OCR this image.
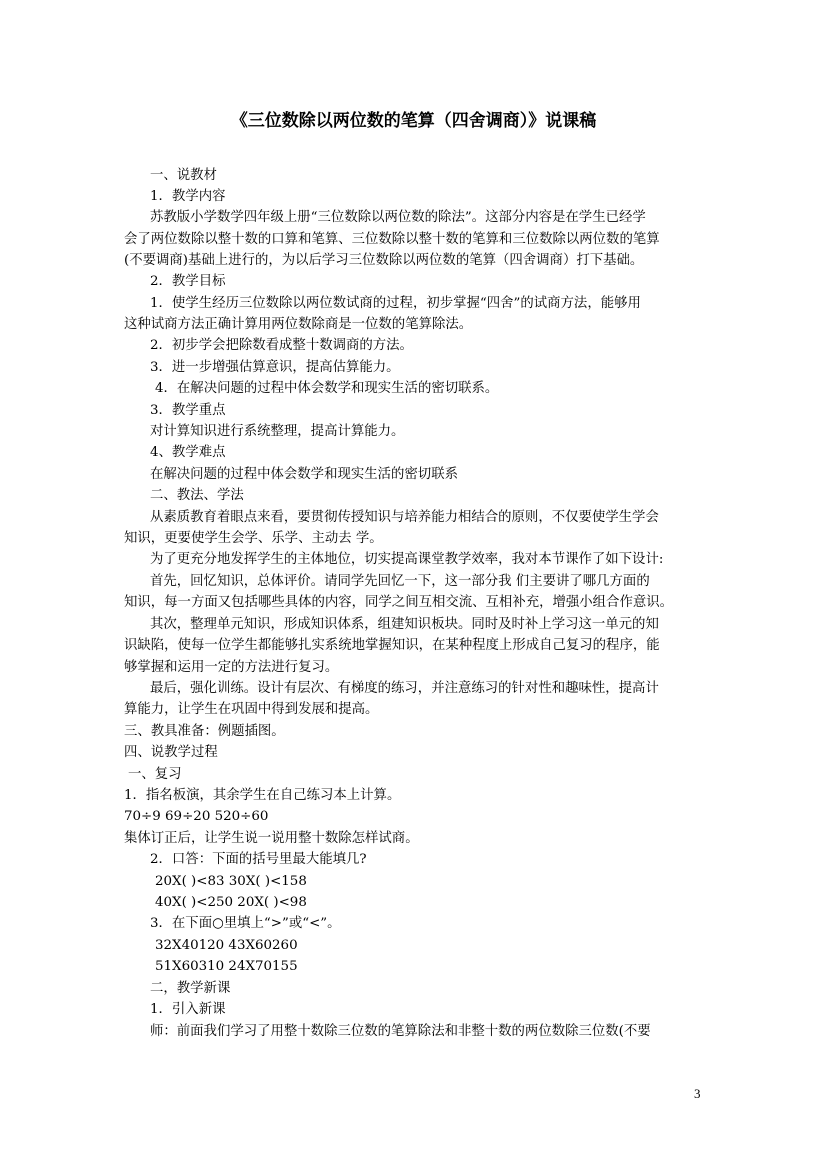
《三位数除以两位数的笔算（四舍调商）》说课稿

一、说教材

1．教学内容

苏教版小学数学四年级上册“三位数除以两位数的除法”。这部分内容是在学生已经学

会了两位数除以整十数的口算和笔算、三位数除以整十数的笔算和三位数除以两位数的笔算

(不要调商)基础上进行的，为以后学习三位数除以两位数的笔算（四舍调商）打下基础。

2．教学目标

1．使学生经历三位数除以两位数试商的过程，初步掌握“四舍”的试商方法，能够用

这种试商方法正确计算用两位数除商是一位数的笔算除法。

2．初步学会把除数看成整十数调商的方法。

3．进一步增强估算意识，提高估算能力。

4．在解决问题的过程中体会数学和现实生活的密切联系。

3．教学重点

对计算知识进行系统整理，提高计算能力。

4、教学难点

在解决问题的过程中体会数学和现实生活的密切联系

二、教法、学法

从素质教育着眼点来看，要贯彻传授知识与培养能力相结合的原则，不仅要使学生学会

知识，更要使学生会学、乐学、主动去 学。

为了更充分地发挥学生的主体地位，切实提高课堂教学效率，我对本节课作了如下设计:

首先，回忆知识，总体评价。请同学先回忆一下，这一部分我 们主要讲了哪几方面的

知识，每一方面又包括哪些具体的内容，同学之间互相交流、互相补充，增强小组合作意识。

其次，整理单元知识，形成知识体系，组建知识板块。同时及时补上学习这一单元的知

识缺陷，使每一位学生都能够扎实系统地掌握知识，在某种程度上形成自己复习的程序，能

够掌握和运用一定的方法进行复习。

最后，强化训练。设计有层次、有梯度的练习，并注意练习的针对性和趣味性，提高计

算能力，让学生在巩固中得到发展和提高。

三、教具准备：例题插图。

四、说教学过程

一、复习

1．指名板演，其余学生在自己练习本上计算。

70÷9 69÷20 520÷60

集体订正后，让学生说一说用整十数除怎样试商。

2．口答：下面的括号里最大能填几?

20X( )<83 30X( )<158

40X( )<250 20X( )<98

3．在下面○里填上“>”或“<”。

32X40120 43X60260

51X60310 24X70155

二，教学新课

1．引入新课

师：前面我们学习了用整十数除三位数的笔算除法和非整十数的两位数除三位数(不要

3
